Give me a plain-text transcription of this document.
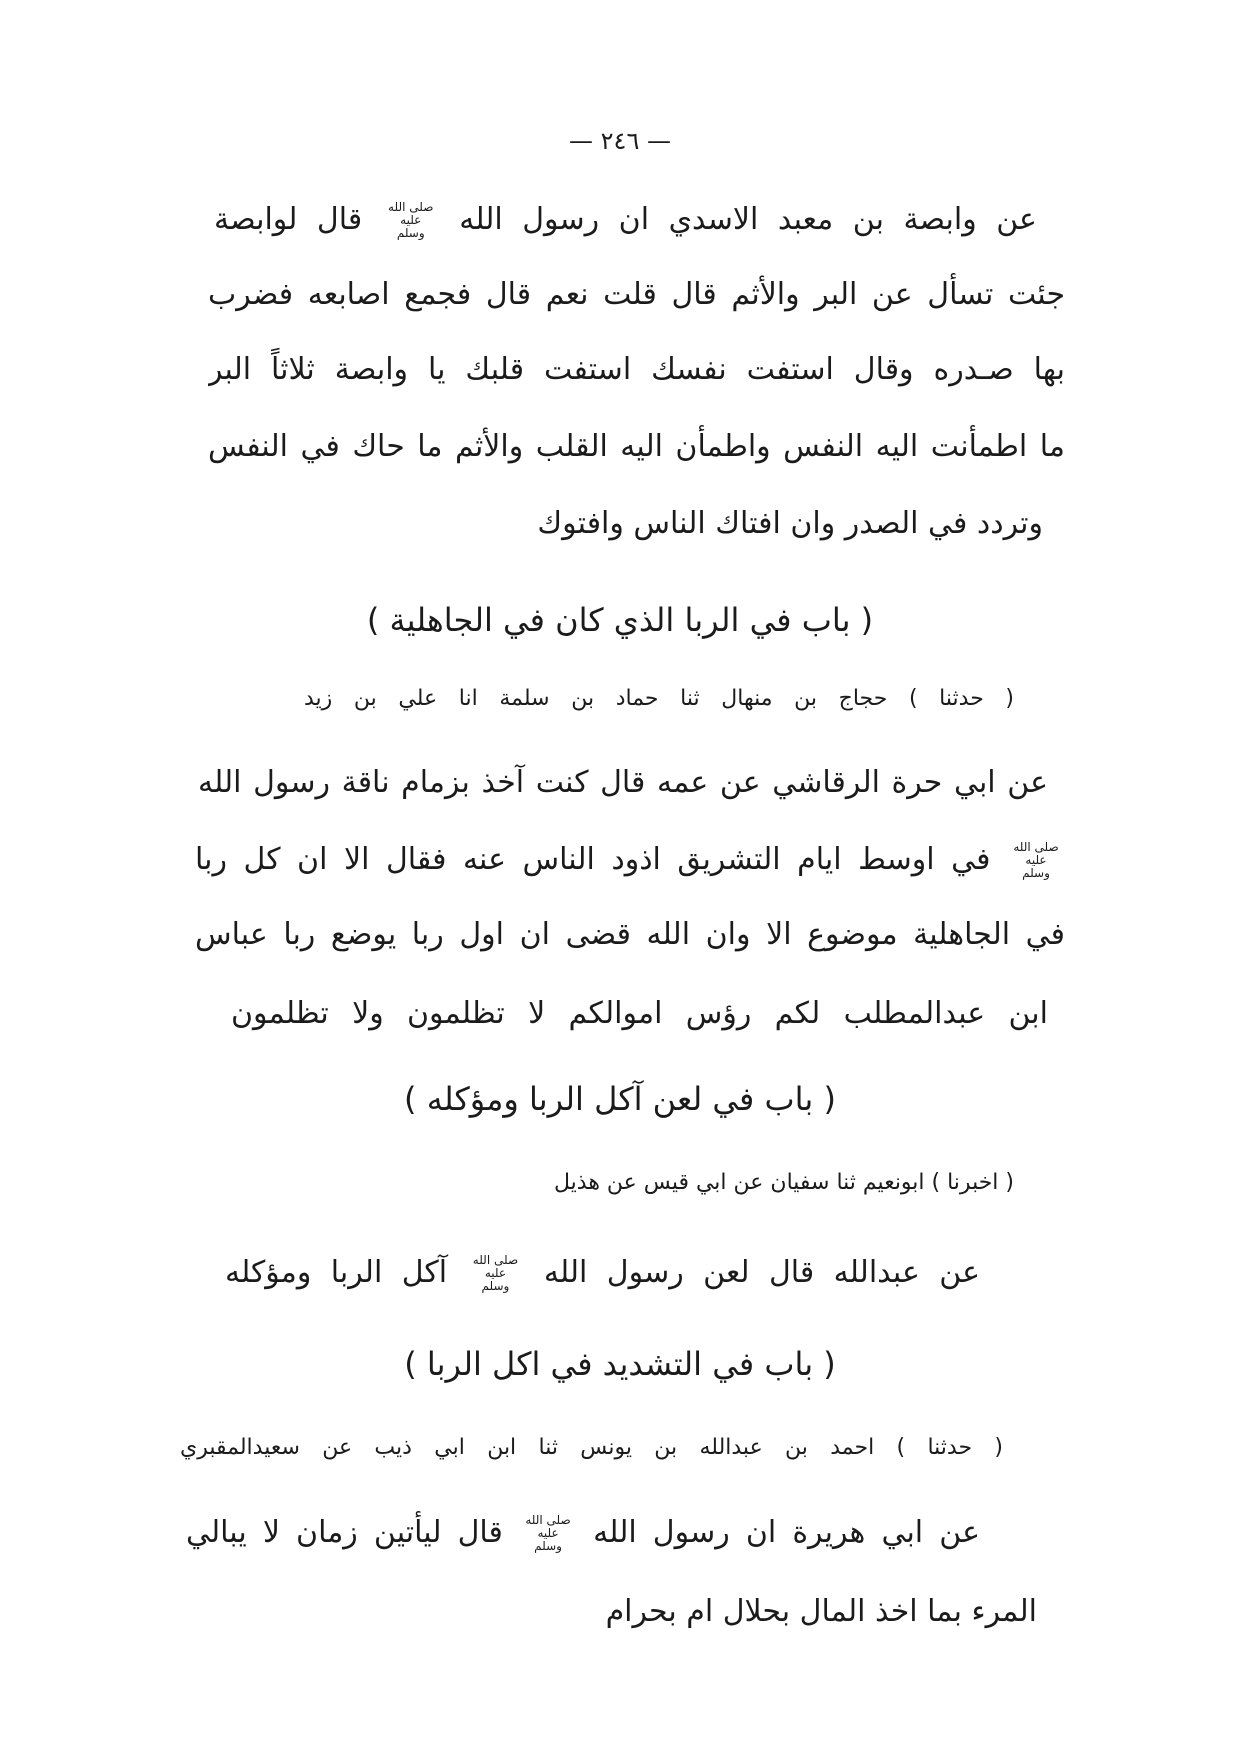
— ٢٤٦ —
عن وابصة بن معبد الاسدي ان رسول الله صلى الله عليه وسلم قال لوابصة
جئت تسأل عن البر والأثم قال قلت نعم قال فجمع اصابعه فضرب
بها صـدره وقال استفت نفسك استفت قلبك يا وابصة ثلاثاً البر
ما اطمأنت اليه النفس واطمأن اليه القلب والأثم ما حاك في النفس
وتردد في الصدر وان افتاك الناس وافتوك
( باب في الربا الذي كان في الجاهلية )
( حدثنا ) حجاج بن منهال ثنا حماد بن سلمة انا علي بن زيد
عن ابي حرة الرقاشي عن عمه قال كنت آخذ بزمام ناقة رسول الله
صلى الله عليه وسلم في اوسط ايام التشريق اذود الناس عنه فقال الا ان كل ربا
في الجاهلية موضوع الا وان الله قضى ان اول ربا يوضع ربا عباس
ابن عبدالمطلب لكم رؤس اموالكم لا تظلمون ولا تظلمون
( باب في لعن آكل الربا ومؤكله )
( اخبرنا ) ابونعيم ثنا سفيان عن ابي قيس عن هذيل
عن عبدالله قال لعن رسول الله صلى الله عليه وسلم آكل الربا ومؤكله
( باب في التشديد في اكل الربا )
( حدثنا ) احمد بن عبدالله بن يونس ثنا ابن ابي ذيب عن سعيدالمقبري
عن ابي هريرة ان رسول الله صلى الله عليه وسلم قال ليأتين زمان لا يبالي
المرء بما اخذ المال بحلال ام بحرام
